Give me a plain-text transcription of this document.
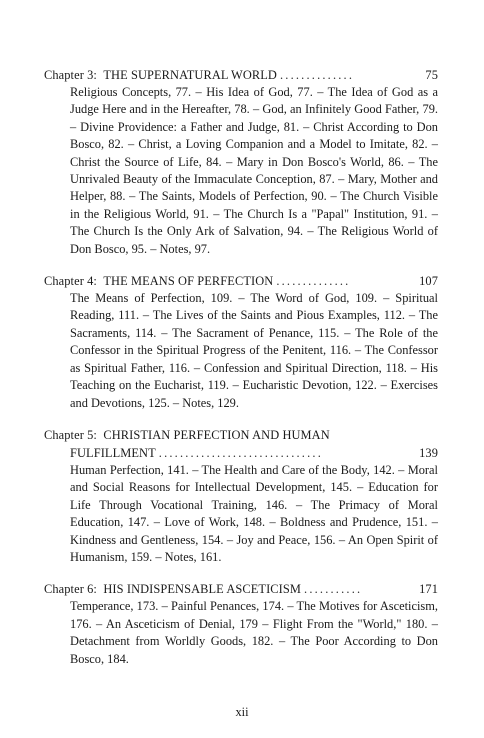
Chapter 3: THE SUPERNATURAL WORLD ..............	75
Religious Concepts, 77. – His Idea of God, 77. – The Idea of God as a Judge Here and in the Hereafter, 78. – God, an Infinitely Good Father, 79. – Divine Providence: a Father and Judge, 81. – Christ According to Don Bosco, 82. – Christ, a Loving Companion and a Model to Imitate, 82. – Christ the Source of Life, 84. – Mary in Don Bosco's World, 86. – The Unrivaled Beauty of the Immaculate Conception, 87. – Mary, Mother and Helper, 88. – The Saints, Models of Perfection, 90. – The Church Visible in the Religious World, 91. – The Church Is a "Papal" Institution, 91. – The Church Is the Only Ark of Salvation, 94. – The Religious World of Don Bosco, 95. – Notes, 97.
Chapter 4: THE MEANS OF PERFECTION ..............	107
The Means of Perfection, 109. – The Word of God, 109. – Spiritual Reading, 111. – The Lives of the Saints and Pious Examples, 112. – The Sacraments, 114. – The Sacrament of Penance, 115. – The Role of the Confessor in the Spiritual Progress of the Penitent, 116. – The Confessor as Spiritual Father, 116. – Confession and Spiritual Direction, 118. – His Teaching on the Eucharist, 119. – Eucharistic Devotion, 122. – Exercises and Devotions, 125. – Notes, 129.
Chapter 5: CHRISTIAN PERFECTION AND HUMAN
FULFILLMENT ...............................	139
Human Perfection, 141. – The Health and Care of the Body, 142. – Moral and Social Reasons for Intellectual Development, 145. – Education for Life Through Vocational Training, 146. – The Primacy of Moral Education, 147. – Love of Work, 148. – Boldness and Prudence, 151. – Kindness and Gentleness, 154. – Joy and Peace, 156. – An Open Spirit of Humanism, 159. – Notes, 161.
Chapter 6: HIS INDISPENSABLE ASCETICISM ...........	171
Temperance, 173. – Painful Penances, 174. – The Motives for Asceticism, 176. – An Asceticism of Denial, 179 – Flight From the "World," 180. – Detachment from Worldly Goods, 182. – The Poor According to Don Bosco, 184.
xii
